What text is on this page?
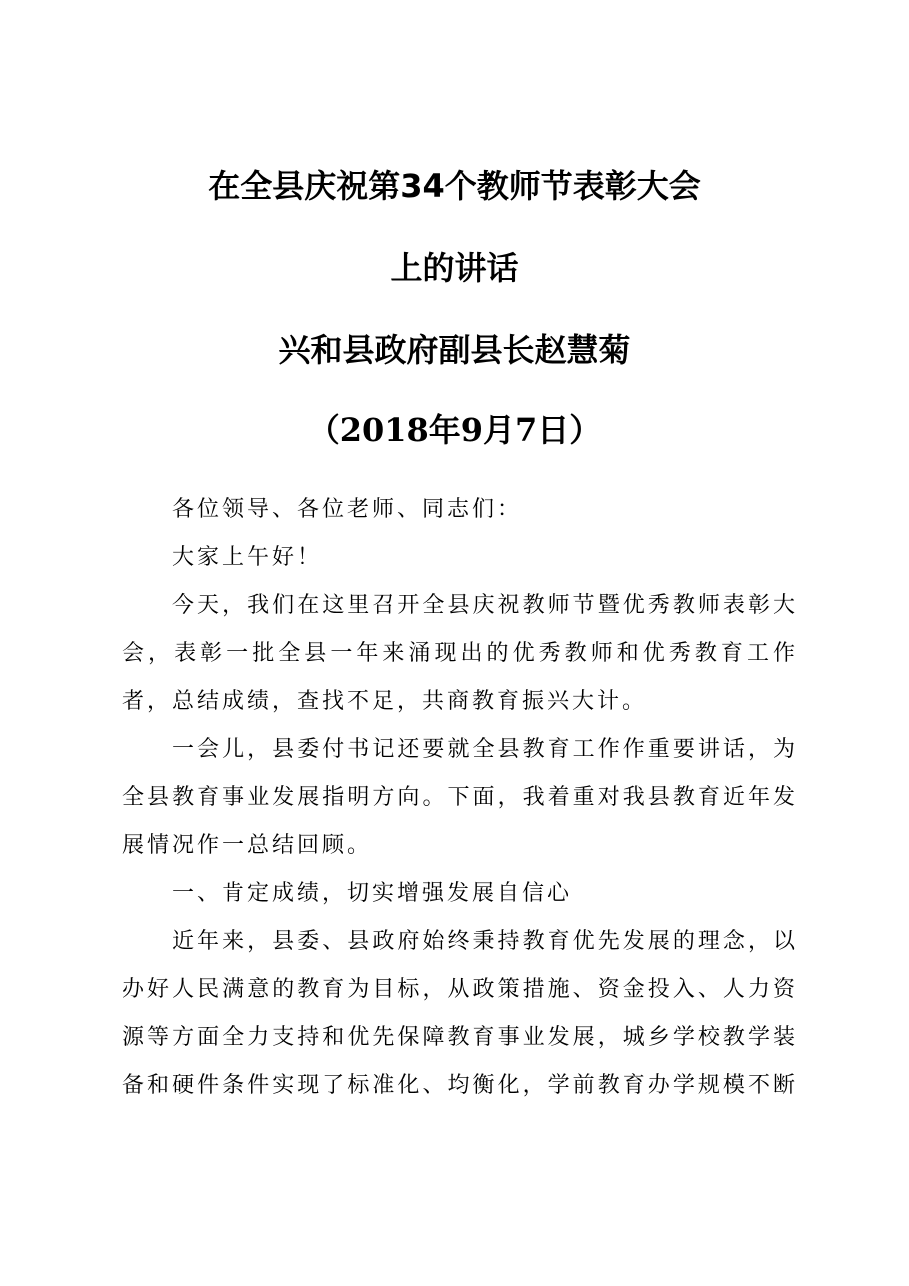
在全县庆祝第34个教师节表彰大会
上的讲话
兴和县政府副县长赵慧菊
（2018年9月7日）
各位领导、各位老师、同志们：
大家上午好！
今天，我们在这里召开全县庆祝教师节暨优秀教师表彰大
会，表彰一批全县一年来涌现出的优秀教师和优秀教育工作
者，总结成绩，查找不足，共商教育振兴大计。
一会儿，县委付书记还要就全县教育工作作重要讲话，为
全县教育事业发展指明方向。下面，我着重对我县教育近年发
展情况作一总结回顾。
一、肯定成绩，切实增强发展自信心
近年来，县委、县政府始终秉持教育优先发展的理念，以
办好人民满意的教育为目标，从政策措施、资金投入、人力资
源等方面全力支持和优先保障教育事业发展，城乡学校教学装
备和硬件条件实现了标准化、均衡化，学前教育办学规模不断
